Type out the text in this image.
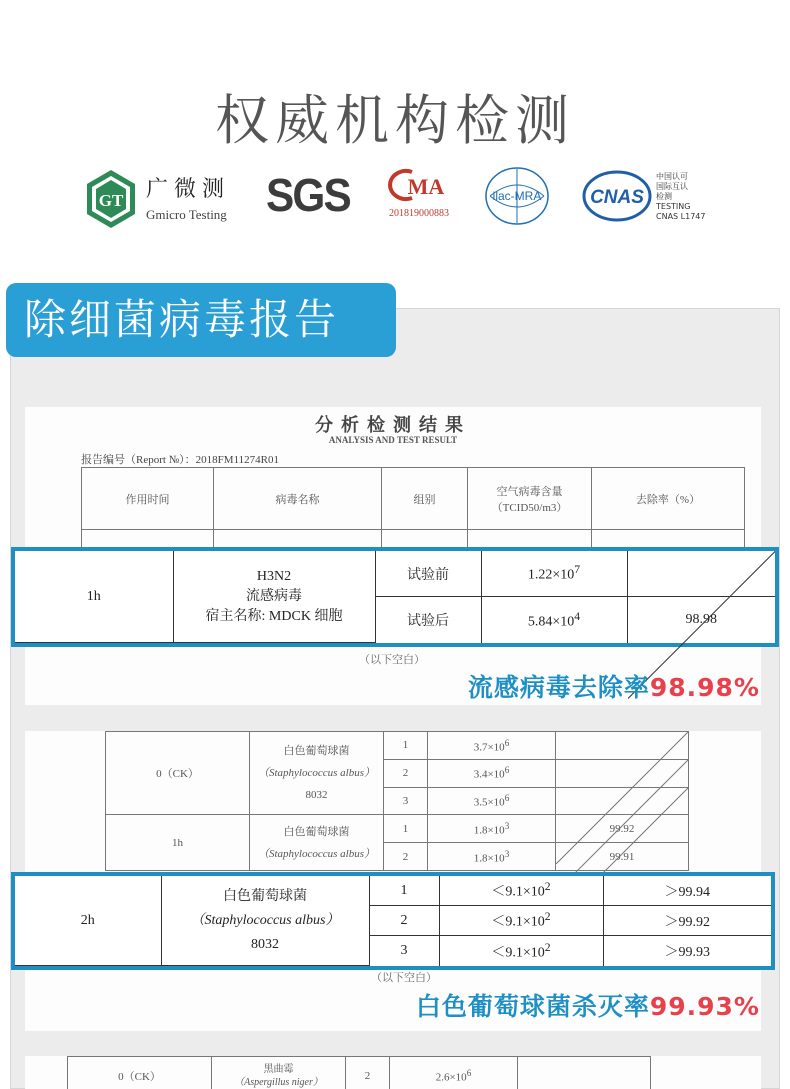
权威机构检测
GT 广微测
Gmicro Testing SGS	MA
201819000883
ilac-MRA	CNAS
中国认可
国际互认
检测
TESTING
CNAS L1747
除细菌病毒报告
分析检测结果
ANALYSIS AND TEST RESULT
报告编号（Report №）：2018FM11274R01
作用时间	病毒名称	组别	空气病毒含量（TCID50/m3）	去除率（%）

（以下空白）
1h	H3N2
流感病毒
宿主名称: MDCK 细胞	试验前	$1.22\times 10^7$	

		试验后	$5.84\times 10^4$	98.98
流感病毒去除率98.98%
0（CK）	白色葡萄球菌
（Staphylococcus albus）
8032	1	$3.7\times 10^6$	

		2	$3.4\times 10^6$	

		3	$3.5\times 10^6$	

1h	白色葡萄球菌
（Staphylococcus albus）	1	$1.8\times 10^3$	99.92
		2	$1.8\times 10^3$	99.91
（以下空白）
2h	白色葡萄球菌
（Staphylococcus albus）
8032	1	$<9.1\times 10^2$	＞99.94
		2	$<9.1\times 10^2$	＞99.92
		3	$<9.1\times 10^2$	＞99.93
白色葡萄球菌杀灭率99.93%
0（CK）	
黑曲霉
（Aspergillus niger）
	2	$2.6\times 10^6$	
